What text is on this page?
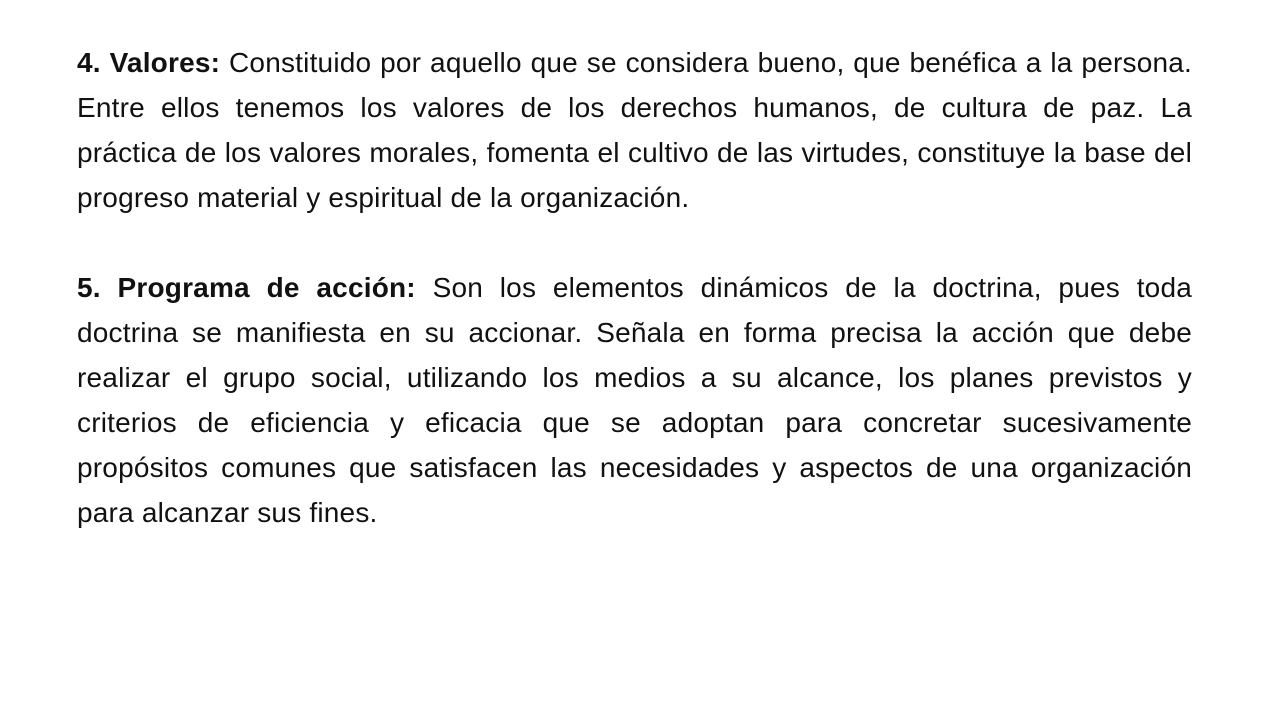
4. Valores: Constituido por aquello que se considera bueno, que benéfica a la persona. Entre ellos tenemos los valores de los derechos humanos, de cultura de paz. La práctica de los valores morales, fomenta el cultivo de las virtudes, constituye la base del progreso material y espiritual de la organización.

5. Programa de acción: Son los elementos dinámicos de la doctrina, pues toda doctrina se manifiesta en su accionar. Señala en forma precisa la acción que debe realizar el grupo social, utilizando los medios a su alcance, los planes previstos y criterios de eficiencia y eficacia que se adoptan para concretar sucesivamente propósitos comunes que satisfacen las necesidades y aspectos de una organización para alcanzar sus fines.
